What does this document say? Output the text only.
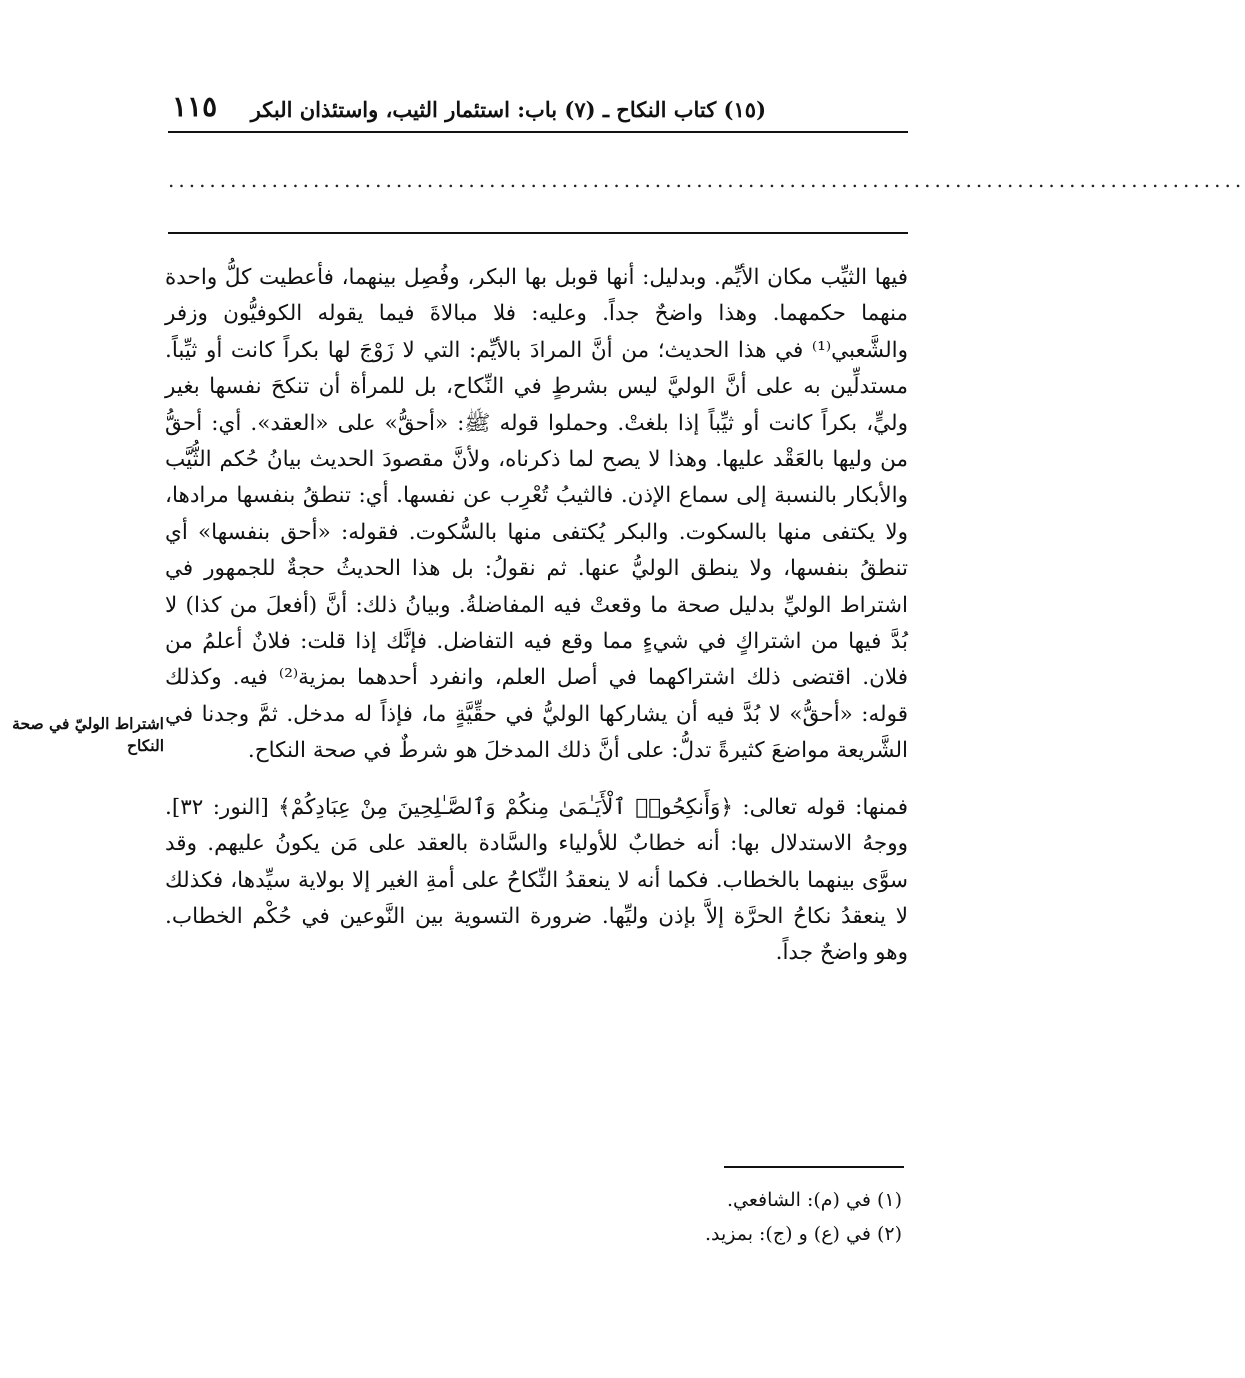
١١٥ (١٥) كتاب النكاح ـ (٧) باب: استئمار الثيب، واستئذان البكر
........................................................................................................
اشتراط الوليّ في صحة النكاح

فيها الثيِّب مكان الأيِّم. وبدليل: أنها قوبل بها البكر، وفُصِل بينهما، فأعطيت كلُّ واحدة منهما حكمهما. وهذا واضحٌ جداً. وعليه: فلا مبالاةَ فيما يقوله الكوفيُّون وزفر والشَّعبي⁽¹⁾ في هذا الحديث؛ من أنَّ المرادَ بالأيِّم: التي لا زَوْجَ لها بكراً كانت أو ثيِّباً. مستدلِّين به على أنَّ الوليَّ ليس بشرطٍ في النِّكاح، بل للمرأة أن تنكحَ نفسها بغير وليٍّ، بكراً كانت أو ثيِّباً إذا بلغتْ. وحملوا قوله ﷺ: «أحقُّ» على «العقد». أي: أحقُّ من وليها بالعَقْد عليها. وهذا لا يصح لما ذكرناه، ولأنَّ مقصودَ الحديث بيانُ حُكم الثُّيَّب والأبكار بالنسبة إلى سماع الإذن. فالثيبُ تُعْرِب عن نفسها. أي: تنطقُ بنفسها مرادها، ولا يكتفى منها بالسكوت. والبكر يُكتفى منها بالسُّكوت. فقوله: «أحق بنفسها» أي تنطقُ بنفسها، ولا ينطق الوليُّ عنها. ثم نقولُ: بل هذا الحديثُ حجةٌ للجمهور في اشتراط الوليِّ بدليل صحة ما وقعتْ فيه المفاضلةُ. وبيانُ ذلك: أنَّ (أفعلَ من كذا) لا بُدَّ فيها من اشتراكٍ في شيءٍ مما وقع فيه التفاضل. فإنَّك إذا قلت: فلانٌ أعلمُ من فلان. اقتضى ذلك اشتراكهما في أصل العلم، وانفرد أحدهما بمزية⁽²⁾ فيه. وكذلك قوله: «أحقُّ» لا بُدَّ فيه أن يشاركها الوليُّ في حقِّيَّةٍ ما، فإذاً له مدخل. ثمَّ وجدنا في الشَّريعة مواضعَ كثيرةً تدلُّ: على أنَّ ذلك المدخلَ هو شرطٌ في صحة النكاح.

فمنها: قوله تعالى: ﴿وَأَنكِحُوا۟ ٱلْأَيَـٰمَىٰ مِنكُمْ وَٱلصَّـٰلِحِينَ مِنْ عِبَادِكُمْ﴾ [النور: ٣٢]. ووجهُ الاستدلال بها: أنه خطابٌ للأولياء والسَّادة بالعقد على مَن يكونُ عليهم. وقد سوَّى بينهما بالخطاب. فكما أنه لا ينعقدُ النِّكاحُ على أمةِ الغير إلا بولاية سيِّدها، فكذلك لا ينعقدُ نكاحُ الحرَّة إلاَّ بإذن وليِّها. ضرورة التسوية بين النَّوعين في حُكْم الخطاب. وهو واضحٌ جداً.

(١) في (م): الشافعي.
(٢) في (ع) و (ج): بمزيد.
